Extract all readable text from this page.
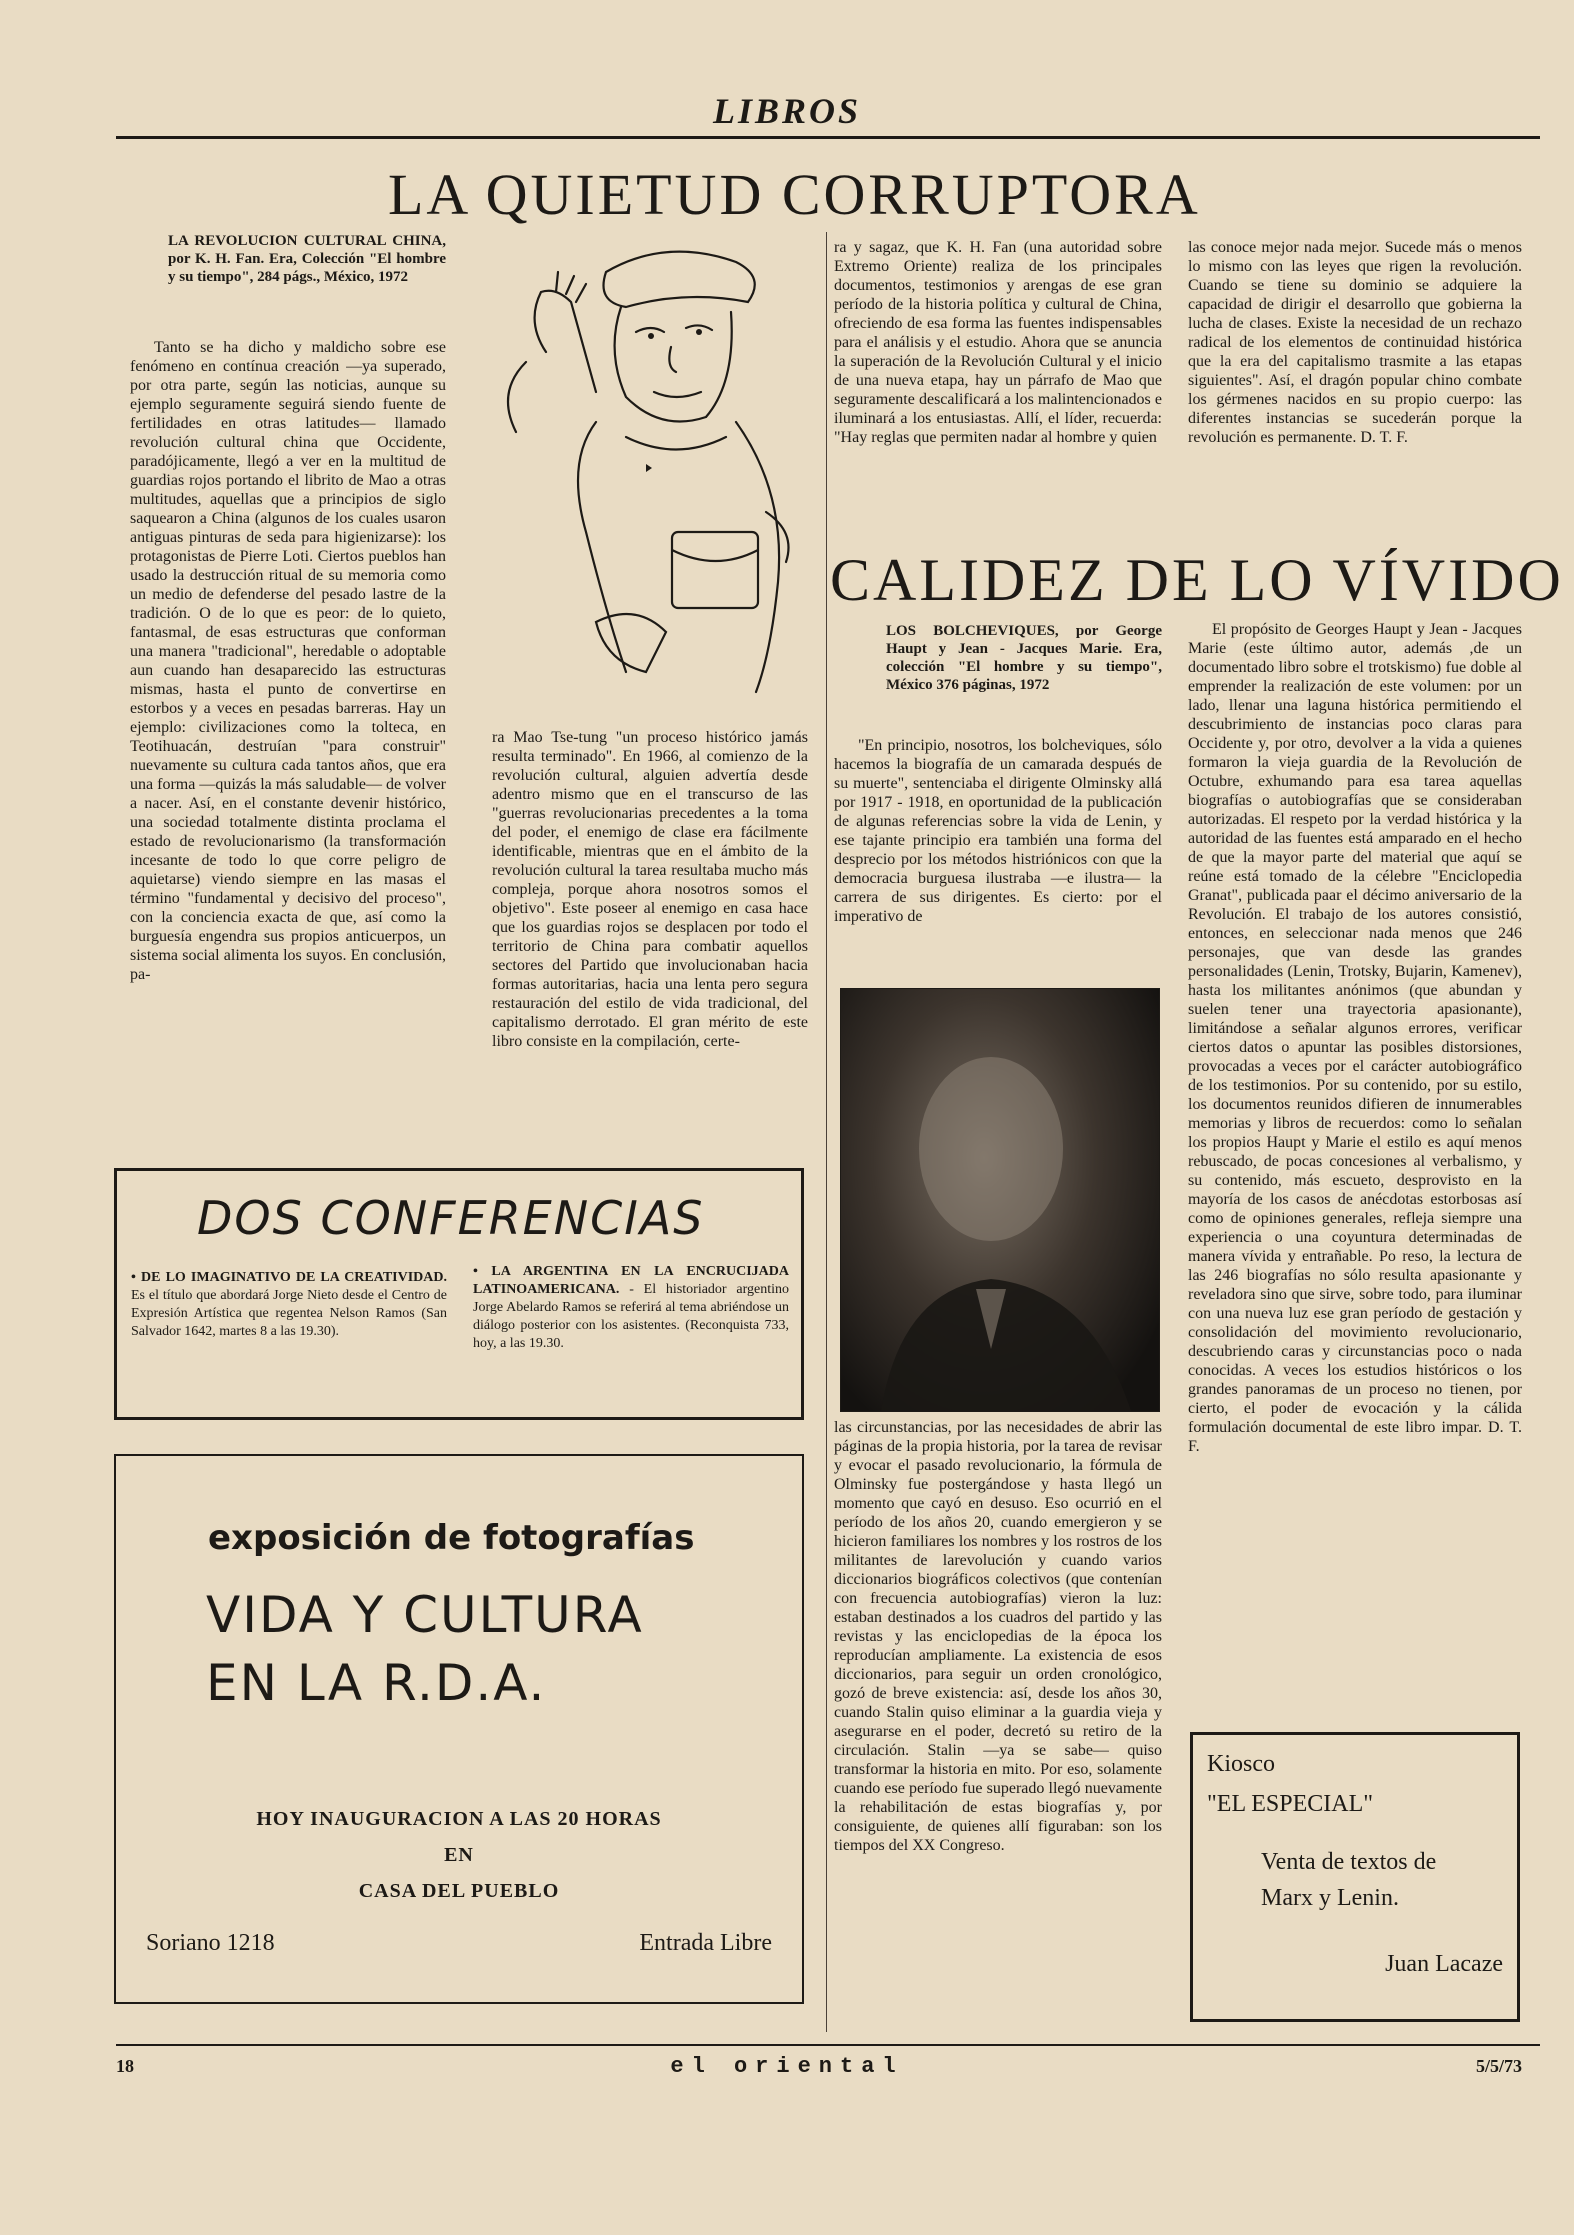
LIBROS
LA QUIETUD CORRUPTORA
LA REVOLUCION CULTURAL CHINA, por K. H. Fan. Era, Colección "El hombre y su tiempo", 284 págs., México, 1972

Tanto se ha dicho y maldicho sobre ese fenómeno en contínua creación —ya superado, por otra parte, según las noticias, aunque su ejemplo seguramente seguirá siendo fuente de fertilidades en otras latitudes— llamado revolución cultural china que Occidente, paradójicamente, llegó a ver en la multitud de guardias rojos portando el librito de Mao a otras multitudes, aquellas que a principios de siglo saquearon a China (algunos de los cuales usaron antiguas pinturas de seda para higienizarse): los protagonistas de Pierre Loti. Ciertos pueblos han usado la destrucción ritual de su memoria como un medio de defenderse del pesado lastre de la tradición. O de lo que es peor: de lo quieto, fantasmal, de esas estructuras que conforman una manera "tradicional", heredable o adoptable aun cuando han desaparecido las estructuras mismas, hasta el punto de convertirse en estorbos y a veces en pesadas barreras. Hay un ejemplo: civilizaciones como la tolteca, en Teotihuacán, destruían "para construir" nuevamente su cultura cada tantos años, que era una forma —quizás la más saludable— de volver a nacer. Así, en el constante devenir histórico, una sociedad totalmente distinta proclama el estado de revolucionarismo (la transformación incesante de todo lo que corre peligro de aquietarse) viendo siempre en las masas el término "fundamental y decisivo del proceso", con la conciencia exacta de que, así como la burguesía engendra sus propios anticuerpos, un sistema social alimenta los suyos. En conclusión, pa-

ra Mao Tse-tung "un proceso histórico jamás resulta terminado". En 1966, al comienzo de la revolución cultural, alguien advertía desde adentro mismo que en el transcurso de las "guerras revolucionarias precedentes a la toma del poder, el enemigo de clase era fácilmente identificable, mientras que en el ámbito de la revolución cultural la tarea resultaba mucho más compleja, porque ahora nosotros somos el objetivo". Este poseer al enemigo en casa hace que los guardias rojos se desplacen por todo el territorio de China para combatir aquellos sectores del Partido que involucionaban hacia formas autoritarias, hacia una lenta pero segura restauración del estilo de vida tradicional, del capitalismo derrotado. El gran mérito de este libro consiste en la compilación, certe-

ra y sagaz, que K. H. Fan (una autoridad sobre Extremo Oriente) realiza de los principales documentos, testimonios y arengas de ese gran período de la historia política y cultural de China, ofreciendo de esa forma las fuentes indispensables para el análisis y el estudio. Ahora que se anuncia la superación de la Revolución Cultural y el inicio de una nueva etapa, hay un párrafo de Mao que seguramente descalificará a los malintencionados e iluminará a los entusiastas. Allí, el líder, recuerda: "Hay reglas que permiten nadar al hombre y quien

las conoce mejor nada mejor. Sucede más o menos lo mismo con las leyes que rigen la revolución. Cuando se tiene su dominio se adquiere la capacidad de dirigir el desarrollo que gobierna la lucha de clases. Existe la necesidad de un rechazo radical de los elementos de continuidad histórica que la era del capitalismo trasmite a las etapas siguientes". Así, el dragón popular chino combate los gérmenes nacidos en su propio cuerpo: las diferentes instancias se sucederán porque la revolución es permanente. D. T. F.

CALIDEZ DE LO VÍVIDO
LOS BOLCHEVIQUES, por George Haupt y Jean - Jacques Marie. Era, colección "El hombre y su tiempo", México 376 páginas, 1972

"En principio, nosotros, los bolcheviques, sólo hacemos la biografía de un camarada después de su muerte", sentenciaba el dirigente Olminsky allá por 1917 - 1918, en oportunidad de la publicación de algunas referencias sobre la vida de Lenin, y ese tajante principio era también una forma del desprecio por los métodos histriónicos con que la democracia burguesa ilustraba —e ilustra— la carrera de sus dirigentes. Es cierto: por el imperativo de

las circunstancias, por las necesidades de abrir las páginas de la propia historia, por la tarea de revisar y evocar el pasado revolucionario, la fórmula de Olminsky fue postergándose y hasta llegó un momento que cayó en desuso. Eso ocurrió en el período de los años 20, cuando emergieron y se hicieron familiares los nombres y los rostros de los militantes de larevolución y cuando varios diccionarios biográficos colectivos (que contenían con frecuencia autobiografías) vieron la luz: estaban destinados a los cuadros del partido y las revistas y las enciclopedias de la época los reproducían ampliamente. La existencia de esos diccionarios, para seguir un orden cronológico, gozó de breve existencia: así, desde los años 30, cuando Stalin quiso eliminar a la guardia vieja y asegurarse en el poder, decretó su retiro de la circulación. Stalin —ya se sabe— quiso transformar la historia en mito. Por eso, solamente cuando ese período fue superado llegó nuevamente la rehabilitación de estas biografías y, por consiguiente, de quienes allí figuraban: son los tiempos del XX Congreso.

El propósito de Georges Haupt y Jean - Jacques Marie (este último autor, además ,de un documentado libro sobre el trotskismo) fue doble al emprender la realización de este volumen: por un lado, llenar una laguna histórica permitiendo el descubrimiento de instancias poco claras para Occidente y, por otro, devolver a la vida a quienes formaron la vieja guardia de la Revolución de Octubre, exhumando para esa tarea aquellas biografías o autobiografías que se consideraban autorizadas. El respeto por la verdad histórica y la autoridad de las fuentes está amparado en el hecho de que la mayor parte del material que aquí se reúne está tomado de la célebre "Enciclopedia Granat", publicada paar el décimo aniversario de la Revolución. El trabajo de los autores consistió, entonces, en seleccionar nada menos que 246 personajes, que van desde las grandes personalidades (Lenin, Trotsky, Bujarin, Kamenev), hasta los militantes anónimos (que abundan y suelen tener una trayectoria apasionante), limitándose a señalar algunos errores, verificar ciertos datos o apuntar las posibles distorsiones, provocadas a veces por el carácter autobiográfico de los testimonios. Por su contenido, por su estilo, los documentos reunidos difieren de innumerables memorias y libros de recuerdos: como lo señalan los propios Haupt y Marie el estilo es aquí menos rebuscado, de pocas concesiones al verbalismo, y su contenido, más escueto, desprovisto en la mayoría de los casos de anécdotas estorbosas así como de opiniones generales, refleja siempre una experiencia o una coyuntura determinadas de manera vívida y entrañable. Po reso, la lectura de las 246 biografías no sólo resulta apasionante y reveladora sino que sirve, sobre todo, para iluminar con una nueva luz ese gran período de gestación y consolidación del movimiento revolucionario, descubriendo caras y circunstancias poco o nada conocidas. A veces los estudios históricos o los grandes panoramas de un proceso no tienen, por cierto, el poder de evocación y la cálida formulación documental de este libro impar. D. T. F.

DOS CONFERENCIAS
• DE LO IMAGINATIVO DE LA CREATIVIDAD. Es el título que abordará Jorge Nieto desde el Centro de Expresión Artística que regentea Nelson Ramos (San Salvador 1642, martes 8 a las 19.30).
• LA ARGENTINA EN LA ENCRUCIJADA LATINOAMERICANA. - El historiador argentino Jorge Abelardo Ramos se referirá al tema abriéndose un diálogo posterior con los asistentes. (Reconquista 733, hoy, a las 19.30.
exposición de fotografías
VIDA Y CULTURA
EN LA R.D.A.
HOY INAUGURACION A LAS 20 HORAS
EN
CASA DEL PUEBLO
Soriano 1218	Entrada Libre
Kiosco
"EL ESPECIAL"
Venta de textos de
Marx y Lenin.
Juan Lacaze
18	el oriental	5/5/73
